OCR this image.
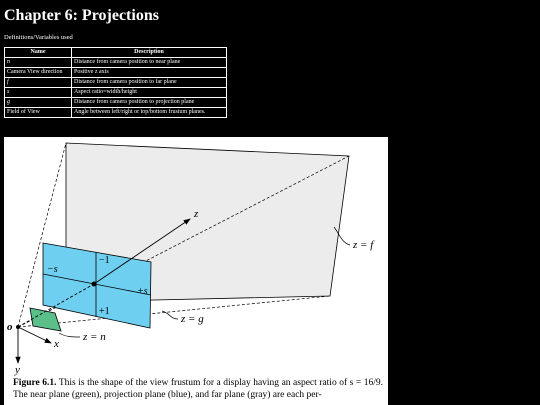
Chapter 6: Projections
Definitions/Variables used
Name	Description
n	Distance from camera position to near plane
Camera View direction	Positive z axis
f	Distance from camera position to far plane
s	Aspect ratio=width/height
g	Distance from camera position to projection plane
Field of View	Angle between left/right or top/bottom frustum planes.
z
x
y
o
z = f
z = g
z = n
−1
+1
−s
+s
Figure 6.1. This is the shape of the view frustum for a display having an aspect ratio of s = 16/9. The near plane (green), projection plane (blue), and far plane (gray) are each per-
